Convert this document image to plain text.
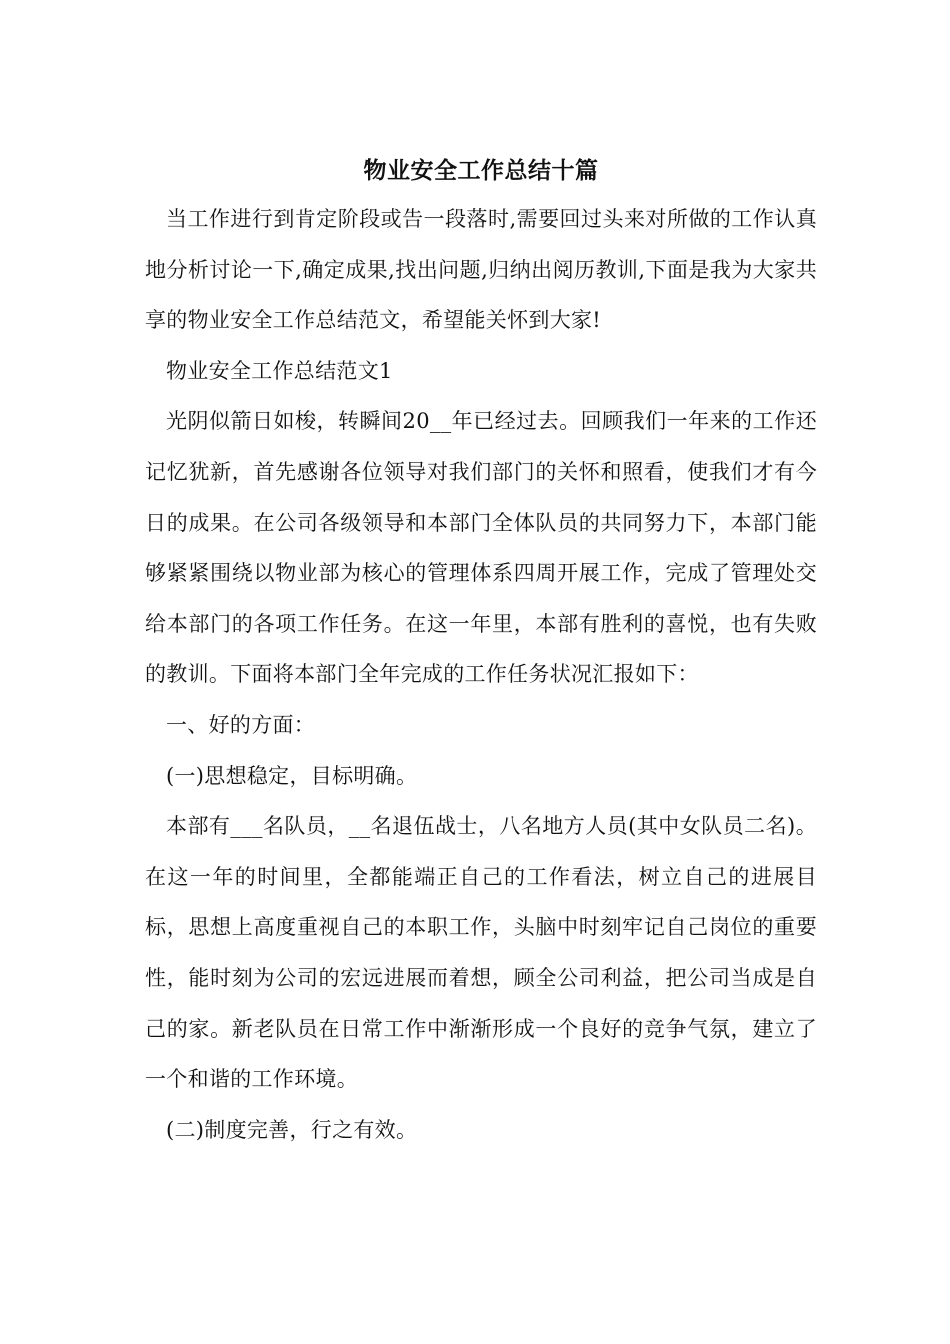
物业安全工作总结十篇

当工作进行到肯定阶段或告一段落时,需要回过头来对所做的工作认真地分析讨论一下,确定成果,找出问题,归纳出阅历教训,下面是我为大家共享的物业安全工作总结范文，希望能关怀到大家!

物业安全工作总结范文1

光阴似箭日如梭，转瞬间20__年已经过去。回顾我们一年来的工作还记忆犹新，首先感谢各位领导对我们部门的关怀和照看，使我们才有今日的成果。在公司各级领导和本部门全体队员的共同努力下，本部门能够紧紧围绕以物业部为核心的管理体系四周开展工作，完成了管理处交给本部门的各项工作任务。在这一年里，本部有胜利的喜悦，也有失败的教训。下面将本部门全年完成的工作任务状况汇报如下：

一、好的方面：

(一)思想稳定，目标明确。

本部有___名队员，__名退伍战士，八名地方人员(其中女队员二名)。在这一年的时间里，全都能端正自己的工作看法，树立自己的进展目标，思想上高度重视自己的本职工作，头脑中时刻牢记自己岗位的重要性，能时刻为公司的宏远进展而着想，顾全公司利益，把公司当成是自己的家。新老队员在日常工作中渐渐形成一个良好的竞争气氛，建立了一个和谐的工作环境。

(二)制度完善，行之有效。
